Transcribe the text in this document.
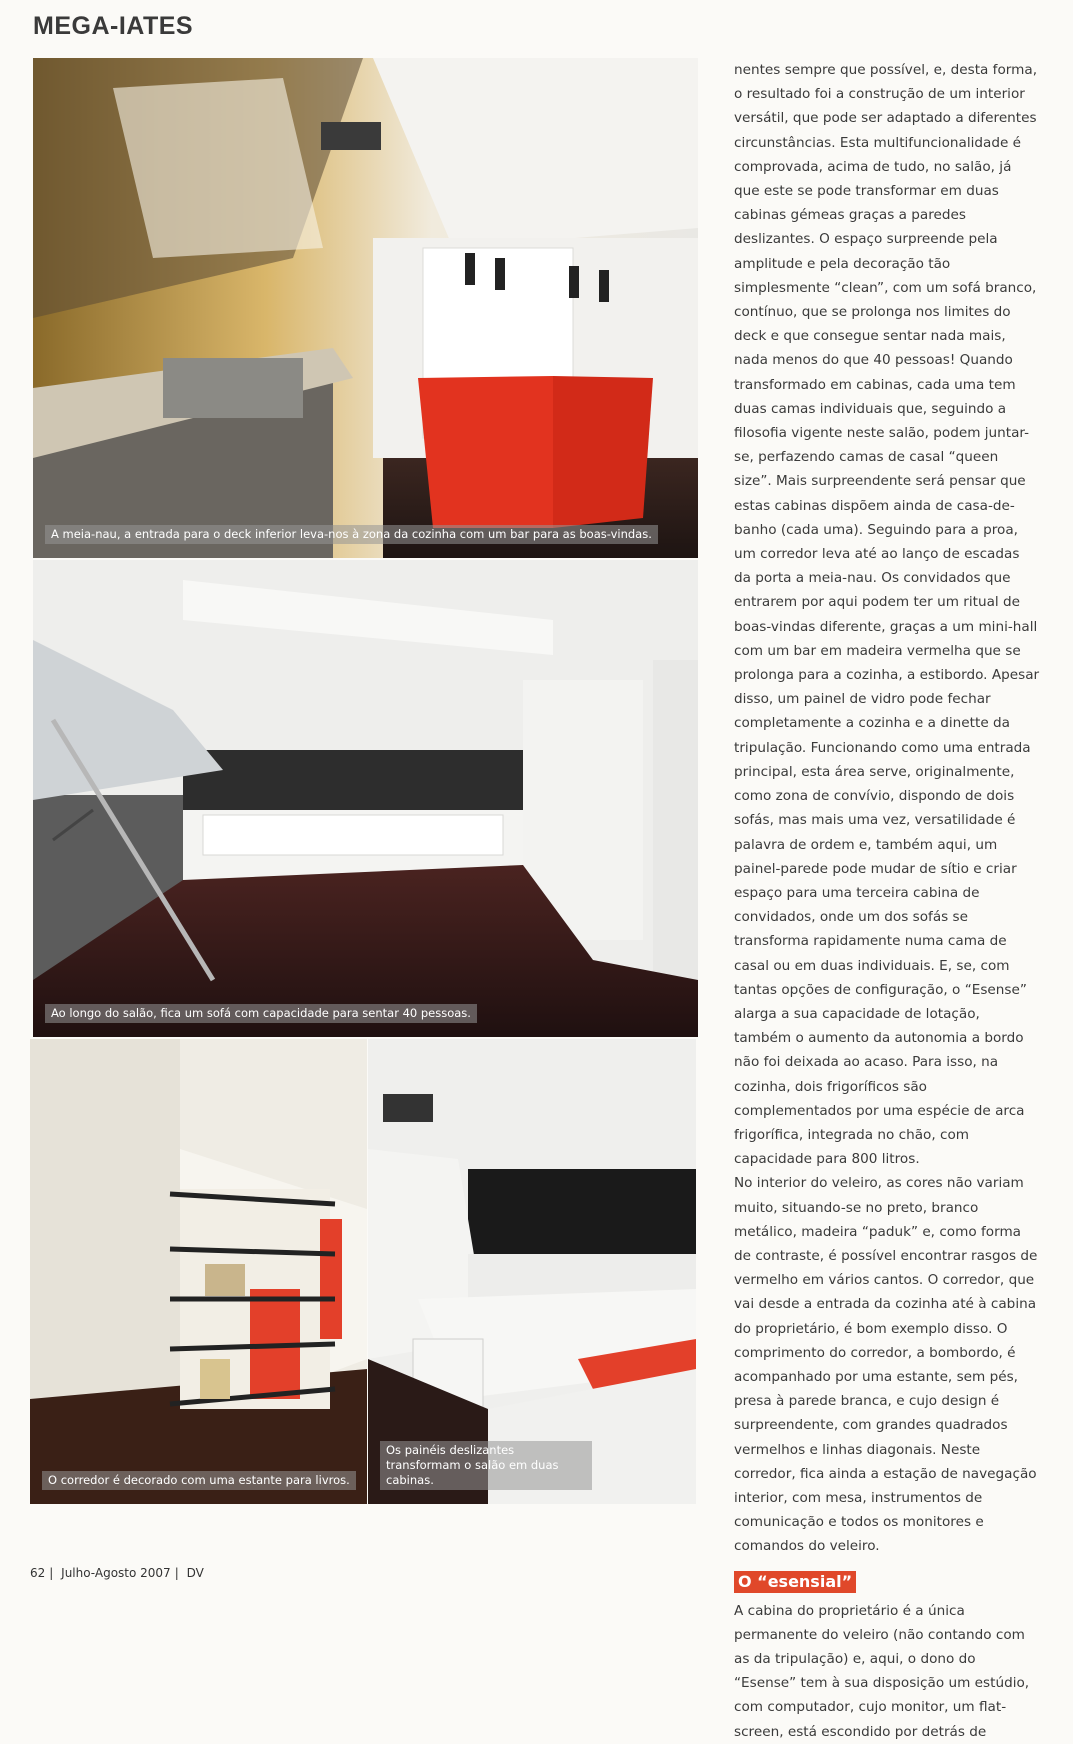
MEGA-IATES
A meia-nau, a entrada para o deck inferior leva-nos à zona da cozinha com um bar para as boas-vindas.
Ao longo do salão, fica um sofá com capacidade para sentar 40 pessoas.
O corredor é decorado com uma estante para livros.
Os painéis deslizantes transformam o salão em duas cabinas.

nentes sempre que possível, e, desta forma, o resultado foi a construção de um interior versátil, que pode ser adaptado a diferentes circunstâncias. Esta multifuncionalidade é comprovada, acima de tudo, no salão, já que este se pode transformar em duas cabinas gémeas graças a paredes deslizantes. O espaço surpreende pela amplitude e pela decoração tão simplesmente “clean”, com um sofá branco, contínuo, que se prolonga nos limites do deck e que consegue sentar nada mais, nada menos do que 40 pessoas! Quando transformado em cabinas, cada uma tem duas camas individuais que, seguindo a filosofia vigente neste salão, podem juntar-se, perfazendo camas de casal “queen size”. Mais surpreendente será pensar que estas cabinas dispõem ainda de casa-de-banho (cada uma). Seguindo para a proa, um corredor leva até ao lanço de escadas da porta a meia-nau. Os convidados que entrarem por aqui podem ter um ritual de boas-vindas diferente, graças a um mini-hall com um bar em madeira vermelha que se prolonga para a cozinha, a estibordo. Apesar disso, um painel de vidro pode fechar completamente a cozinha e a dinette da tripulação. Funcionando como uma entrada principal, esta área serve, originalmente, como zona de convívio, dispondo de dois sofás, mas mais uma vez, versatilidade é palavra de ordem e, também aqui, um painel-parede pode mudar de sítio e criar espaço para uma terceira cabina de convidados, onde um dos sofás se transforma rapidamente numa cama de casal ou em duas individuais. E, se, com tantas opções de configuração, o “Esense” alarga a sua capacidade de lotação, também o aumento da autonomia a bordo não foi deixada ao acaso. Para isso, na cozinha, dois frigoríficos são complementados por uma espécie de arca frigorífica, integrada no chão, com capacidade para 800 litros.

No interior do veleiro, as cores não variam muito, situando-se no preto, branco metálico, madeira “paduk” e, como forma de contraste, é possível encontrar rasgos de vermelho em vários cantos. O corredor, que vai desde a entrada da cozinha até à cabina do proprietário, é bom exemplo disso. O comprimento do corredor, a bombordo, é acompanhado por uma estante, sem pés, presa à parede branca, e cujo design é surpreendente, com grandes quadrados vermelhos e linhas diagonais. Neste corredor, fica ainda a estação de navegação interior, com mesa, instrumentos de comunicação e todos os monitores e comandos do veleiro.

O “esensial”

A cabina do proprietário é a única permanente do veleiro (não contando com as da tripulação) e, aqui, o dono do “Esense” tem à sua disposição um estúdio, com computador, cujo monitor, um flat-screen, está escondido por detrás de

62 | Julho-Agosto 2007 | DV
